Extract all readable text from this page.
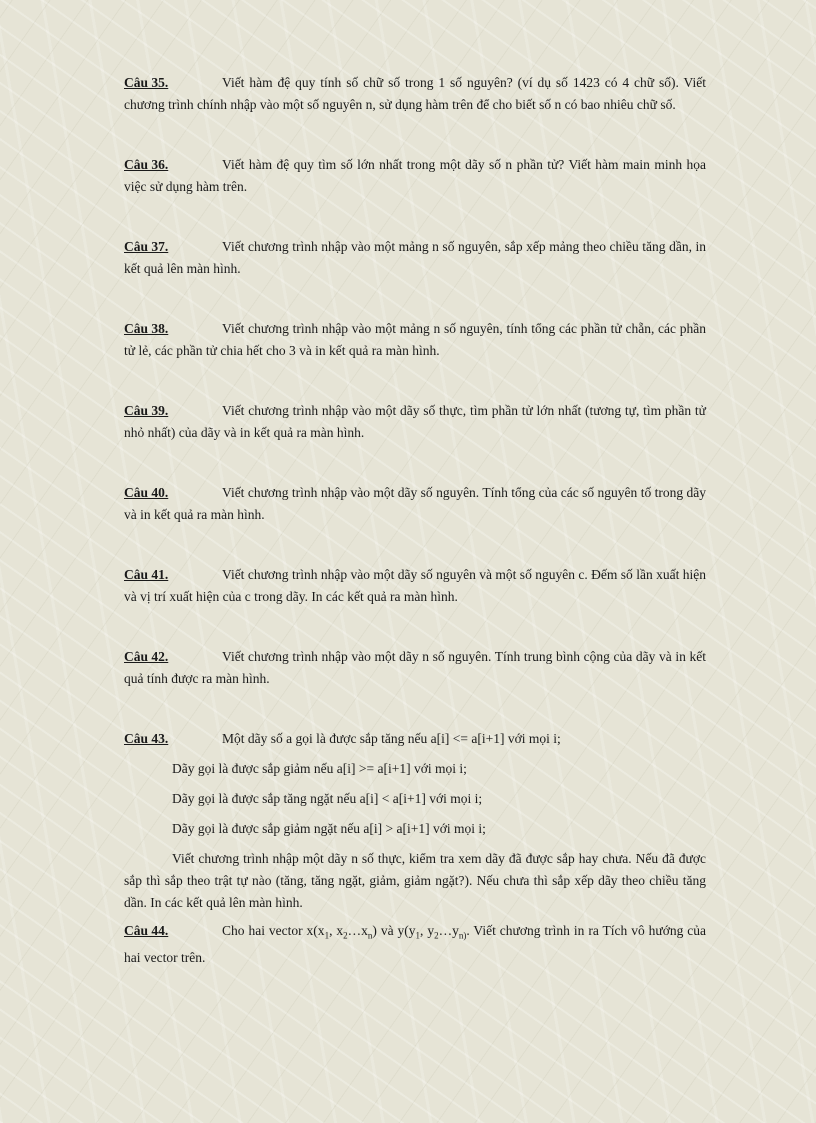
Câu 35.	Viết hàm đệ quy tính số chữ số trong 1 số nguyên? (ví dụ số 1423 có 4 chữ số). Viết chương trình chính nhập vào một số nguyên n, sử dụng hàm trên để cho biết số n có bao nhiêu chữ số.

Câu 36.	Viết hàm đệ quy tìm số lớn nhất trong một dãy số n phần tử? Viết hàm main minh họa việc sử dụng hàm trên.

Câu 37.	Viết chương trình nhập vào một mảng n số nguyên, sắp xếp mảng theo chiều tăng dần, in kết quả lên màn hình.

Câu 38.	Viết chương trình nhập vào một mảng n số nguyên, tính tổng các phần tử chẵn, các phần tử lẻ, các phần tử chia hết cho 3 và in kết quả ra màn hình.

Câu 39.	Viết chương trình nhập vào một dãy số thực, tìm phần tử lớn nhất (tương tự, tìm phần tử nhỏ nhất) của dãy và in kết quả ra màn hình.

Câu 40.	Viết chương trình nhập vào một dãy số nguyên. Tính tổng của các số nguyên tố trong dãy và in kết quả ra màn hình.

Câu 41.	Viết chương trình nhập vào một dãy số nguyên và một số nguyên c. Đếm số lần xuất hiện và vị trí xuất hiện của c trong dãy. In các kết quả ra màn hình.

Câu 42.	Viết chương trình nhập vào một dãy n số nguyên. Tính trung bình cộng của dãy và in kết quả tính được ra màn hình.

Câu 43.	Một dãy số a gọi là được sắp tăng nếu a[i] <= a[i+1] với mọi i;

Dãy gọi là được sắp giảm nếu a[i] >= a[i+1] với mọi i;

Dãy gọi là được sắp tăng ngặt nếu a[i] < a[i+1] với mọi i;

Dãy gọi là được sắp giảm ngặt nếu a[i] > a[i+1] với mọi i;

Viết chương trình nhập một dãy n số thực, kiểm tra xem dãy đã được sắp hay chưa. Nếu đã được sắp thì sắp theo trật tự nào (tăng, tăng ngặt, giảm, giảm ngặt?). Nếu chưa thì sắp xếp dãy theo chiều tăng dần. In các kết quả lên màn hình.

Câu 44.	Cho hai vector $x(x_1$, $x_2\dots x_n$) và $y(y_1$, $y_2\dots y_{n)}$. Viết chương trình in ra Tích vô hướng của hai vector trên.
